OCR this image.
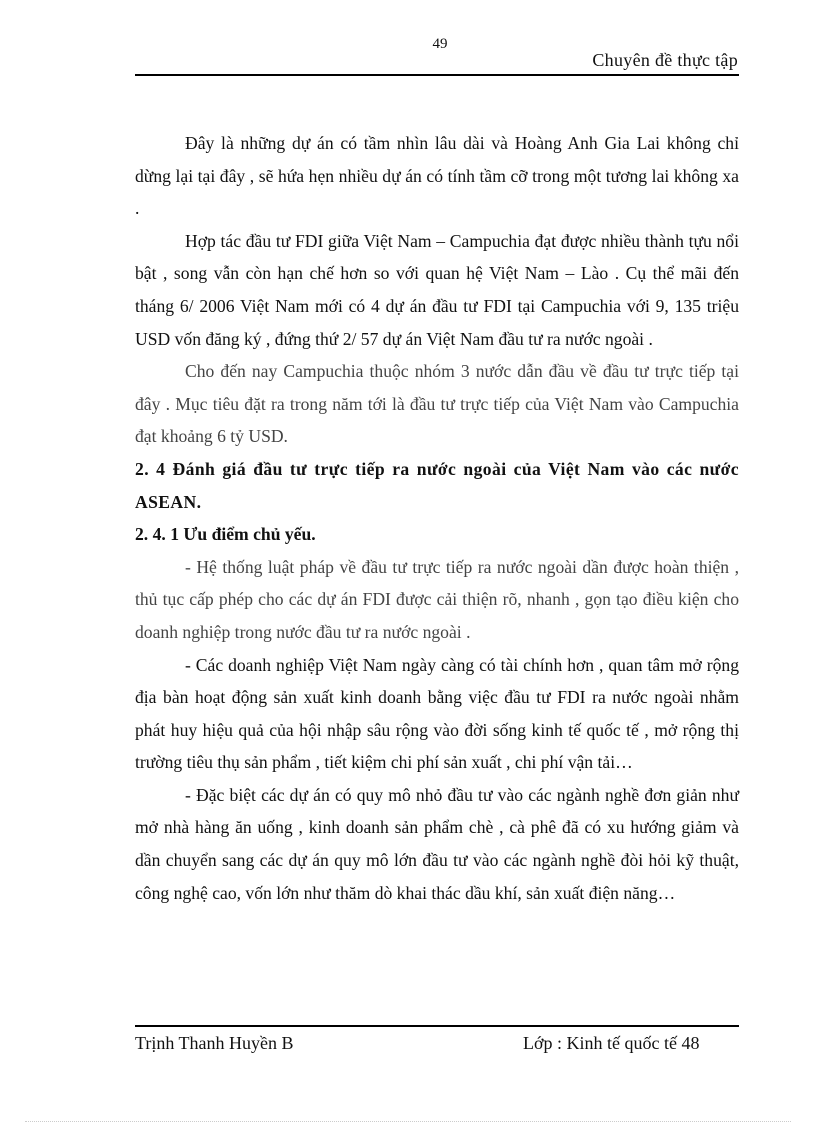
49
Chuyên đề thực tập

Đây là những dự án có tầm nhìn lâu dài và Hoàng Anh Gia Lai không chỉ dừng lại tại đây , sẽ hứa hẹn nhiều dự án có tính tầm cỡ trong một tương lai không xa .

Hợp tác đầu tư FDI giữa Việt Nam – Campuchia đạt được nhiều thành tựu nổi bật , song vẫn còn hạn chế hơn so với quan hệ Việt Nam – Lào . Cụ thể mãi đến tháng 6/ 2006 Việt Nam mới có 4 dự án đầu tư FDI tại Campuchia với 9, 135 triệu USD vốn đăng ký , đứng thứ 2/ 57 dự án Việt Nam đầu tư ra nước ngoài .

Cho đến nay Campuchia thuộc nhóm 3 nước dẫn đầu về đầu tư trực tiếp tại đây . Mục tiêu đặt ra trong năm tới là đầu tư trực tiếp của Việt Nam vào Campuchia đạt khoảng 6 tỷ USD.

2. 4 Đánh giá đầu tư trực tiếp ra nước ngoài của Việt Nam vào các nước ASEAN.
2. 4. 1 Ưu điểm chủ yếu.

- Hệ thống luật pháp về đầu tư trực tiếp ra nước ngoài dần được hoàn thiện , thủ tục cấp phép cho các dự án FDI được cải thiện rõ, nhanh , gọn tạo điều kiện cho doanh nghiệp trong nước đầu tư ra nước ngoài .

- Các doanh nghiệp Việt Nam ngày càng có tài chính hơn , quan tâm mở rộng địa bàn hoạt động sản xuất kinh doanh bằng việc đầu tư FDI ra nước ngoài nhằm phát huy hiệu quả của hội nhập sâu rộng vào đời sống kinh tế quốc tế , mở rộng thị trường tiêu thụ sản phẩm , tiết kiệm chi phí sản xuất , chi phí vận tải…

- Đặc biệt các dự án có quy mô nhỏ đầu tư vào các ngành nghề đơn giản như mở nhà hàng ăn uống , kinh doanh sản phẩm chè , cà phê đã có xu hướng giảm và dần chuyển sang các dự án quy mô lớn đầu tư vào các ngành nghề đòi hỏi kỹ thuật, công nghệ cao, vốn lớn như thăm dò khai thác dầu khí, sản xuất điện năng…

Trịnh Thanh Huyền B	Lớp : Kinh tế quốc tế 48
